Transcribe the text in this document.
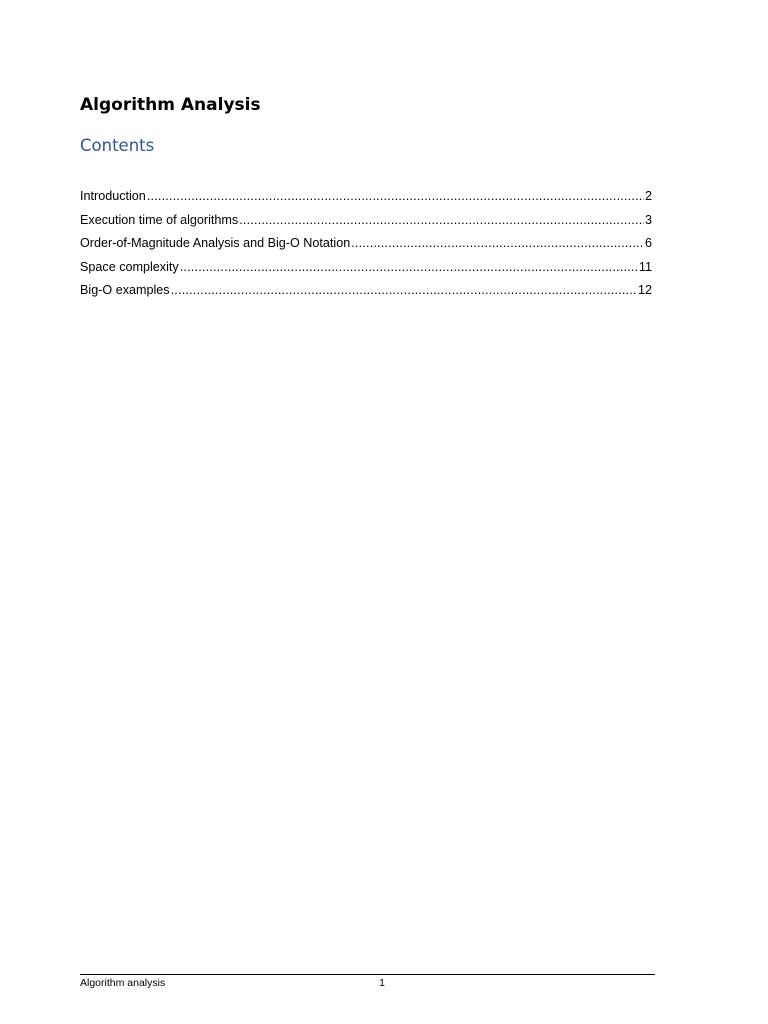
Algorithm Analysis
Contents
Introduction .....	2
Execution time of algorithms .....	3
Order-of-Magnitude Analysis and Big-O Notation .....	6
Space complexity .....	11
Big-O examples .....	12
Algorithm analysis	1
